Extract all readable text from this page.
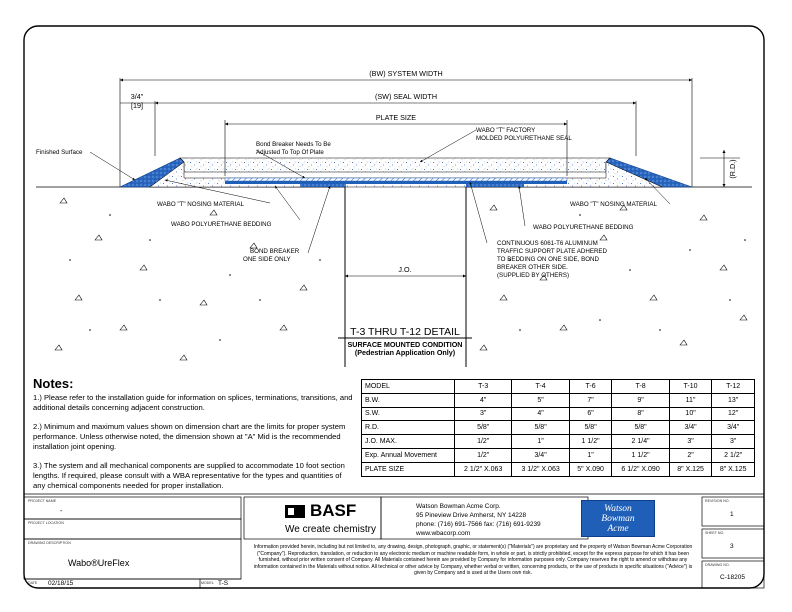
(BW) SYSTEM WIDTH
(SW) SEAL WIDTH
PLATE SIZE
3/4"
[19]
J.O.
(R.D.)
Finished Surface
Bond Breaker Needs To Be
Adjusted To Top Of Plate
WABO "T" FACTORY
MOLDED POLYURETHANE SEAL
WABO "T" NOSING MATERIAL	WABO "T" NOSING MATERIAL
WABO POLYURETHANE BEDDING	WABO POLYURETHANE BEDDING
BOND BREAKER
ONE SIDE ONLY
CONTINUOUS 6061-T6 ALUMINUM
TRAFFIC SUPPORT PLATE ADHERED
TO BEDDING ON ONE SIDE, BOND
BREAKER OTHER SIDE.
(SUPPLIED BY OTHERS)
T-3 THRU T-12 DETAIL
SURFACE MOUNTED CONDITION
(Pedestrian Application Only)
Notes:

1.) Please refer to the installation guide for information on splices, terminations, transitions, and additional details concerning adjacent construction.

2.) Minimum and maximum values shown on dimension chart are the limits for proper system performance. Unless otherwise noted, the dimension shown at "A" Mid is the recommended installation joint opening.

3.) The system and all mechanical components are supplied to accommodate 10 foot section lengths. If required, please consult with a WBA representative for the types and quantities of any chemical components needed for proper installation.

MODEL	T-3	T-4	T-6	T-8	T-10	T-12
B.W.	4"	5"	7"	9"	11"	13"
S.W.	3"	4"	6"	8"	10"	12"
R.D.	5/8"	5/8"	5/8"	5/8"	3/4"	3/4"
J.O. MAX.	1/2"	1"	1 1/2"	2 1/4"	3"	3"
Exp. Annual Movement	1/2"	3/4"	1"	1 1/2"	2"	2 1/2"
PLATE SIZE	2 1/2" X.063	3 1/2" X.063	5" X.090	6 1/2" X.090	8" X.125	8" X.125
PROJECT NAME
-
PROJECT LOCATION
DRAWING DESCRIPTION
Wabo®UreFlex
DATE 02/18/15	MODEL T-S
BASF
We create chemistry
Watson Bowman Acme Corp.
95 Pineview Drive Amherst, NY 14228
phone: (716) 691-7566 fax: (716) 691-9239
www.wbacorp.com
Watson
Bowman
Acme
Information provided herein, including but not limited to, any drawing, design, photograph, graphic, or statement(s) ("Materials") are proprietary and the property of Watson Bowman Acme Corporation ("Company"). Reproduction, translation, or reduction to any electronic medium or machine readable form, in whole or part, is strictly prohibited, except for the express purpose for which it has been furnished, without prior written consent of Company. All Materials contained herein are provided by Company for information purposes only. Company reserves the right to amend or withdraw any information contained in the Materials without notice. All technical or other advice by Company, whether verbal or written, concerning products, or the use of products in specific situations ("Advice") is given by Company and is used at the Users own risk.
REVISION NO.
1
SHEET NO.
3
DRAWING NO.
C-18205
